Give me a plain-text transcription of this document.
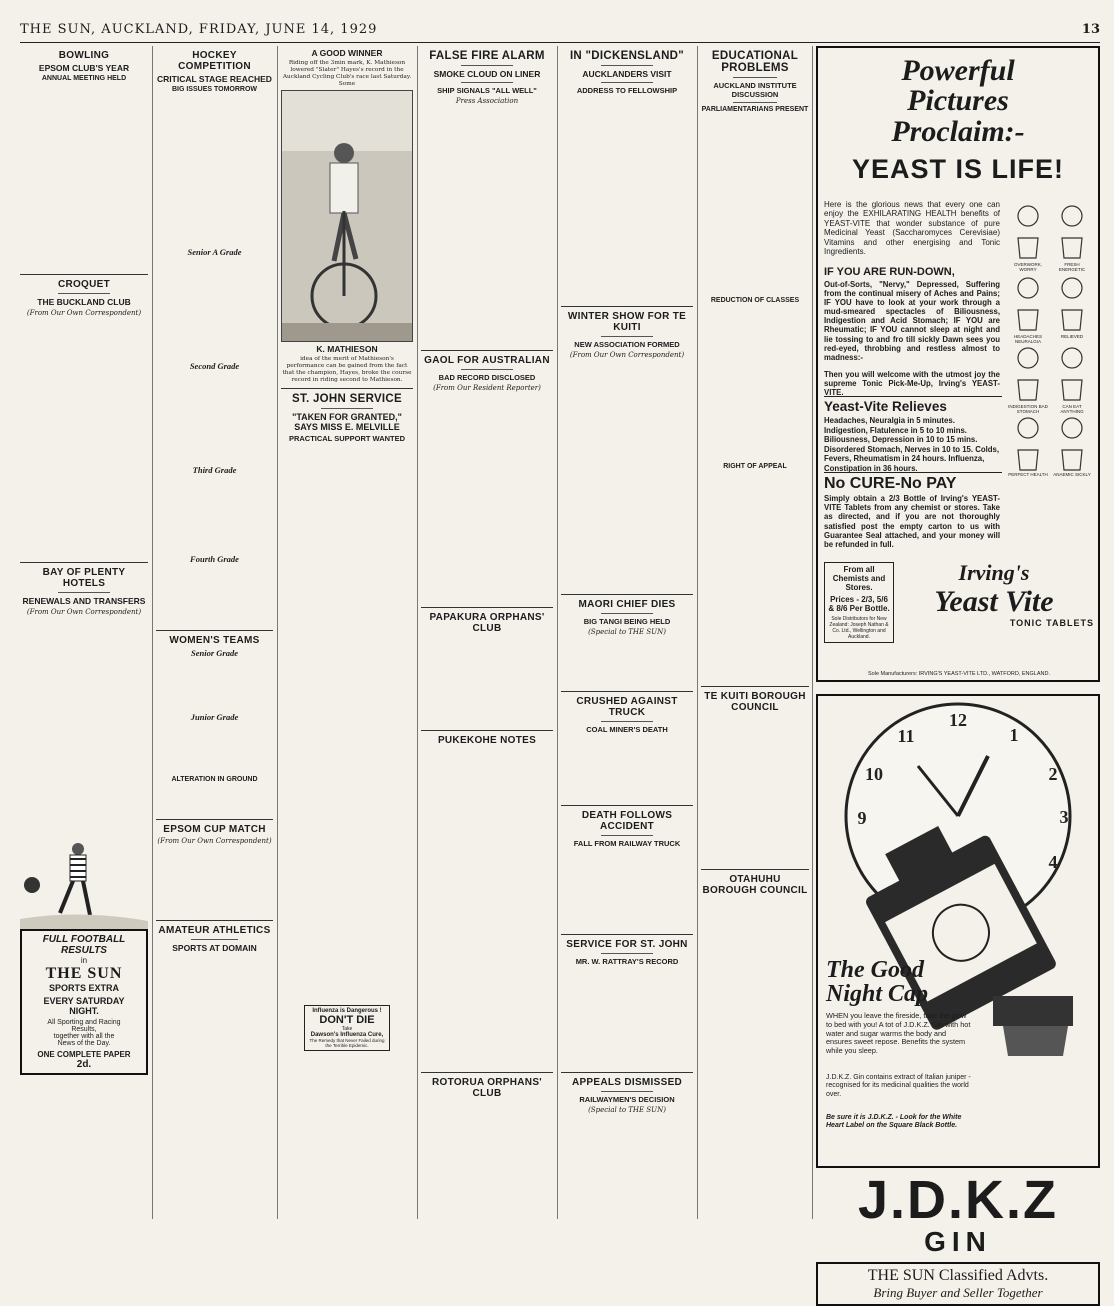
THE SUN, AUCKLAND, FRIDAY, JUNE 14, 1929	13
BOWLING
EPSOM CLUB'S YEAR
ANNUAL MEETING HELD
CROQUET
THE BUCKLAND CLUB
(From Our Own Correspondent)
BAY OF PLENTY HOTELS
RENEWALS AND TRANSFERS
(From Our Own Correspondent)
FULL FOOTBALL
RESULTS
in
THE SUN
SPORTS EXTRA
EVERY SATURDAY
NIGHT.
All Sporting and Racing
Results,
together with all the
News of the Day.
ONE COMPLETE PAPER
2d.
HOCKEY COMPETITION
CRITICAL STAGE REACHED
BIG ISSUES TOMORROW
Senior A Grade
Second Grade
Third Grade
Fourth Grade
WOMEN'S TEAMS
Senior Grade
Junior Grade
ALTERATION IN GROUND
EPSOM CUP MATCH
(From Our Own Correspondent)
AMATEUR ATHLETICS
SPORTS AT DOMAIN
A GOOD WINNER
Riding off the 3min mark, K. Mathieson lowered "Slater" Hayes's record in the Auckland Cycling Club's race last Saturday. Some
K. MATHIESON
idea of the merit of Mathieson's performance can be gained from the fact that the champion, Hayes, broke the course record in riding second to Mathieson.
ST. JOHN SERVICE
"TAKEN FOR GRANTED," SAYS MISS E. MELVILLE
PRACTICAL SUPPORT WANTED
Influenza is Dangerous !
DON'T DIE
Take
Dawson's Influenza Cure,
The Remedy that Never Failed during the Terrible Epidemic.
FALSE FIRE ALARM
SMOKE CLOUD ON LINER
SHIP SIGNALS "ALL WELL"
Press Association
GAOL FOR AUSTRALIAN
BAD RECORD DISCLOSED
(From Our Resident Reporter)
PAPAKURA ORPHANS' CLUB
PUKEKOHE NOTES
ROTORUA ORPHANS' CLUB
IN "DICKENSLAND"
AUCKLANDERS VISIT
ADDRESS TO FELLOWSHIP
WINTER SHOW FOR TE KUITI
NEW ASSOCIATION FORMED
(From Our Own Correspondent)
MAORI CHIEF DIES
BIG TANGI BEING HELD
(Special to THE SUN)
CRUSHED AGAINST TRUCK
COAL MINER'S DEATH
DEATH FOLLOWS ACCIDENT
FALL FROM RAILWAY TRUCK
SERVICE FOR ST. JOHN
MR. W. RATTRAY'S RECORD
APPEALS DISMISSED
RAILWAYMEN'S DECISION
(Special to THE SUN)
EDUCATIONAL PROBLEMS
AUCKLAND INSTITUTE DISCUSSION
PARLIAMENTARIANS PRESENT
REDUCTION OF CLASSES
RIGHT OF APPEAL
TE KUITI BOROUGH COUNCIL
OTAHUHU BOROUGH COUNCIL
Powerful
Pictures
Proclaim:-
YEAST IS LIFE!
Here is the glorious news that every one can enjoy the EXHILARATING HEALTH benefits of YEAST-VITE that wonder substance of pure Medicinal Yeast (Saccharomyces Cerevisiae) Vitamins and other energising and Tonic Ingredients.
IF YOU ARE RUN-DOWN,
Out-of-Sorts, "Nervy," Depressed, Suffering from the continual misery of Aches and Pains; IF YOU have to look at your work through a mud-smeared spectacles of Biliousness, Indigestion and Acid Stomach; IF YOU are Rheumatic; IF YOU cannot sleep at night and lie tossing to and fro till sickly Dawn sees you red-eyed, throbbing and restless almost to madness:-
Then you will welcome with the utmost joy the supreme Tonic Pick-Me-Up, Irving's YEAST-VITE.
Yeast-Vite Relieves
Headaches, Neuralgia in 5 minutes. Indigestion, Flatulence in 5 to 10 mins. Biliousness, Depression in 10 to 15 mins. Disordered Stomach, Nerves in 10 to 15. Colds, Fevers, Rheumatism in 24 hours. Influenza, Constipation in 36 hours.
No CURE-No PAY
Simply obtain a 2/3 Bottle of Irving's YEAST-VITE Tablets from any chemist or stores. Take as directed, and if you are not thoroughly satisfied post the empty carton to us with Guarantee Seal attached, and your money will be refunded in full.
OVERWORK, WORRY
FRESH ENERGETIC
HEADACHES NEURALGIA
RELIEVED
INDIGESTION BAD STOMACH
CAN EAT ANYTHING
PERFECT HEALTH ANAEMIC SICKLY
From all Chemists and Stores.
Prices - 2/3, 5/6 & 8/6 Per Bottle.
Sole Distributors for New Zealand: Joseph Nathan & Co. Ltd., Wellington and Auckland.
Irving's
Yeast Vite
TONIC TABLETS
Sole Manufacturers: IRVING'S YEAST-VITE LTD., WATFORD, ENGLAND.
12
1
2
3
4
9
10
11
The Good
Night Cap
WHEN you leave the fireside, take the glow to bed with you! A tot of J.D.K.Z. Gin with hot water and sugar warms the body and ensures sweet repose. Benefits the system while you sleep.
J.D.K.Z. Gin contains extract of Italian juniper - recognised for its medicinal qualities the world over.
Be sure it is J.D.K.Z. - Look for the White Heart Label on the Square Black Bottle.
J.D.K.Z
GIN
THE SUN Classified Advts.
Bring Buyer and Seller Together
